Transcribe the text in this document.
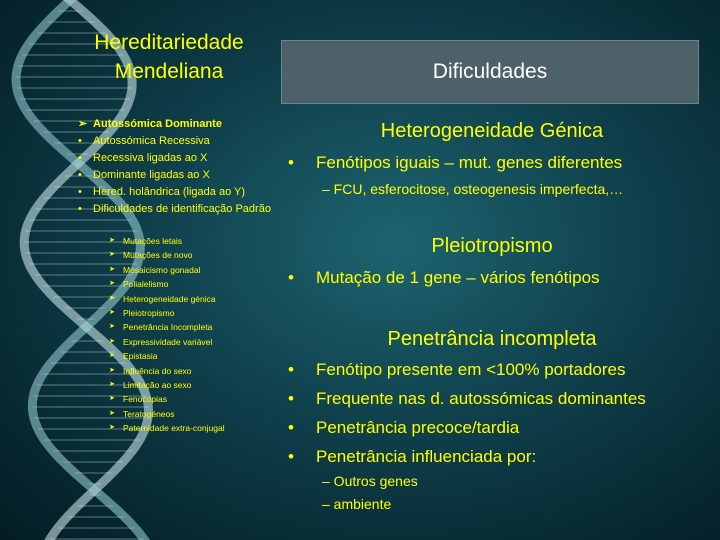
Hereditariedade
Mendeliana	Dificuldades
➢ Autossómica Dominante
• Autossómica Recessiva
• Recessiva ligadas ao X
• Dominante ligadas ao X
• Hered. holândrica (ligada ao Y)
• Dificuldades de identificação Padrão
➤ Mutações letais
➤ Mutações de novo
➤ Mosaicismo gonadal
➤ Polialelismo
➤ Heterogeneidade génica
➤ Pleiotropismo
➤ Penetrância Incompleta
➤ Expressividade variável
➤ Epistasia
➤ Influência do sexo
➤ Limitação ao sexo
➤ Fenocópias
➤ Teratogéneos
➤ Paternidade extra-conjugal
Heterogeneidade Génica
• Fenótipos iguais – mut. genes diferentes
– FCU, esferocitose, osteogenesis imperfecta,…
Pleiotropismo
• Mutação de 1 gene – vários fenótipos
Penetrância incompleta
• Fenótipo presente em <100% portadores
• Frequente nas d. autossómicas dominantes
• Penetrância precoce/tardia
• Penetrância influenciada por:
– Outros genes
– ambiente
